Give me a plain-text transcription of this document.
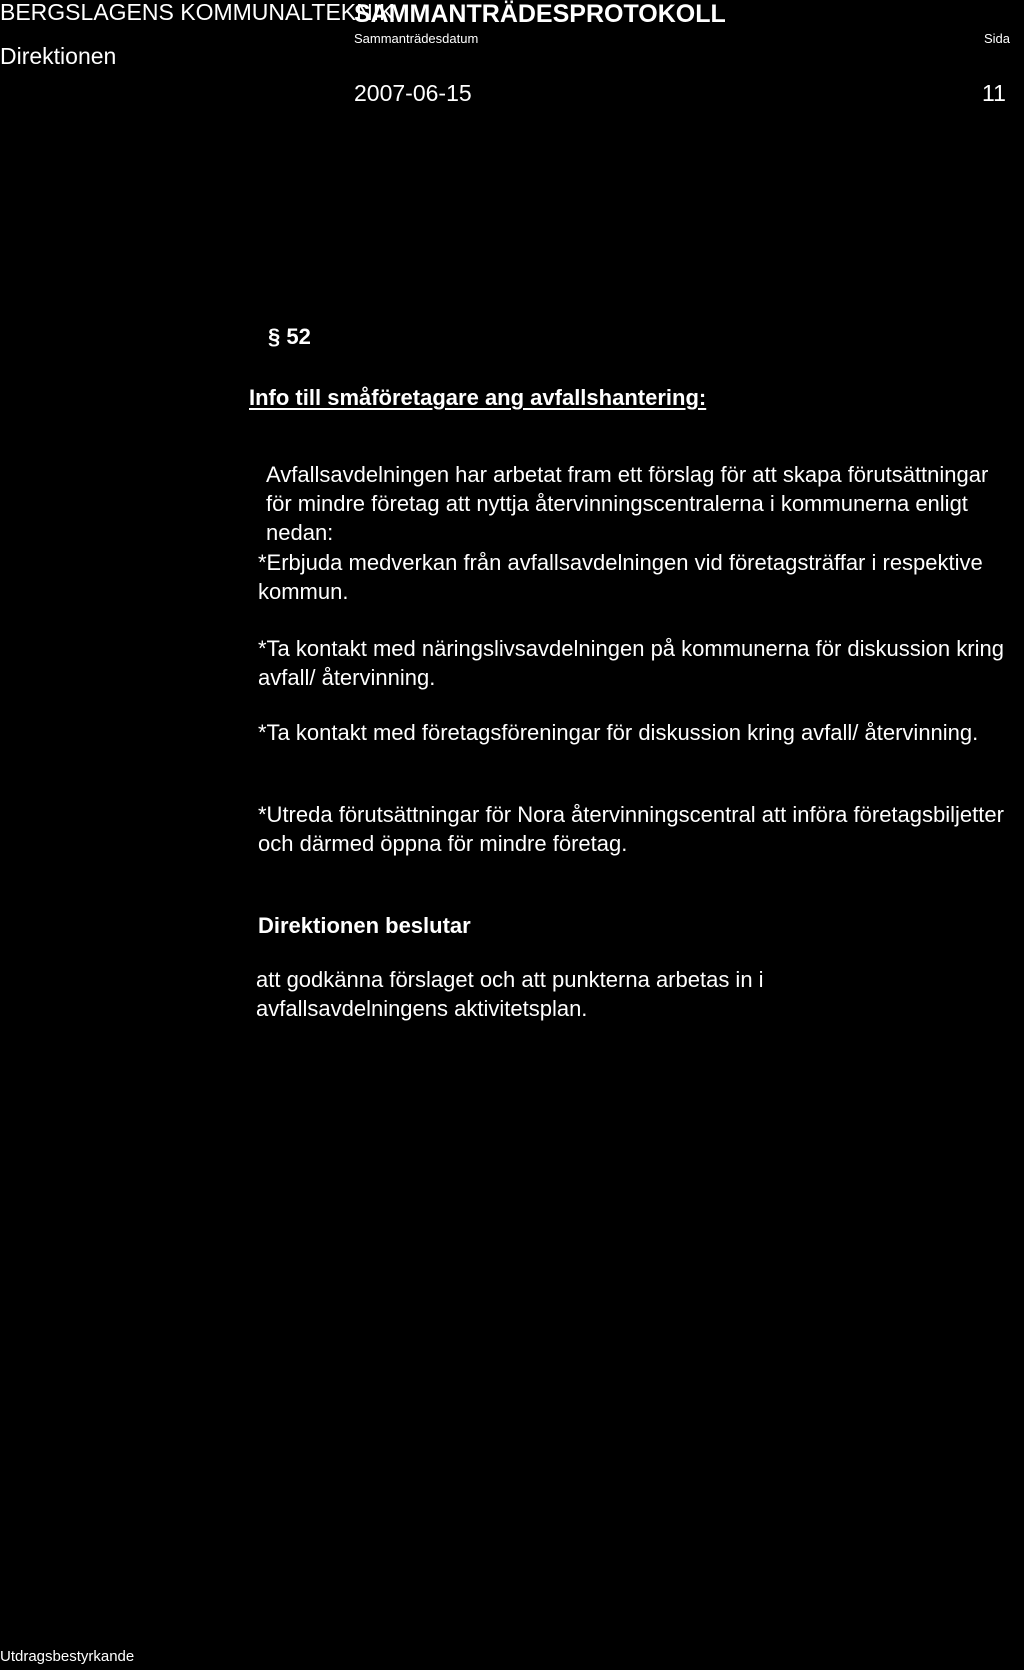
BERGSLAGENS KOMMUNALTEKNIK
Direktionen
SAMMANTRÄDESPROTOKOLL
Sammanträdesdatum
2007-06-15
Sida
11
§ 52
Info till småföretagare ang avfallshantering:
Avfallsavdelningen har arbetat fram ett förslag för att skapa förutsättningar för mindre företag att nyttja återvinningscentralerna i kommunerna enligt nedan:
*Erbjuda medverkan från avfallsavdelningen vid företagsträffar i respektive kommun.
*Ta kontakt med näringslivsavdelningen på kommunerna för diskussion kring avfall/ återvinning.
*Ta kontakt med företagsföreningar för diskussion kring avfall/ återvinning.
*Utreda förutsättningar för Nora återvinningscentral att införa företagsbiljetter och därmed öppna för mindre företag.
Direktionen beslutar
att godkänna förslaget och att punkterna arbetas in i avfallsavdelningens aktivitetsplan.
Utdragsbestyrkande
